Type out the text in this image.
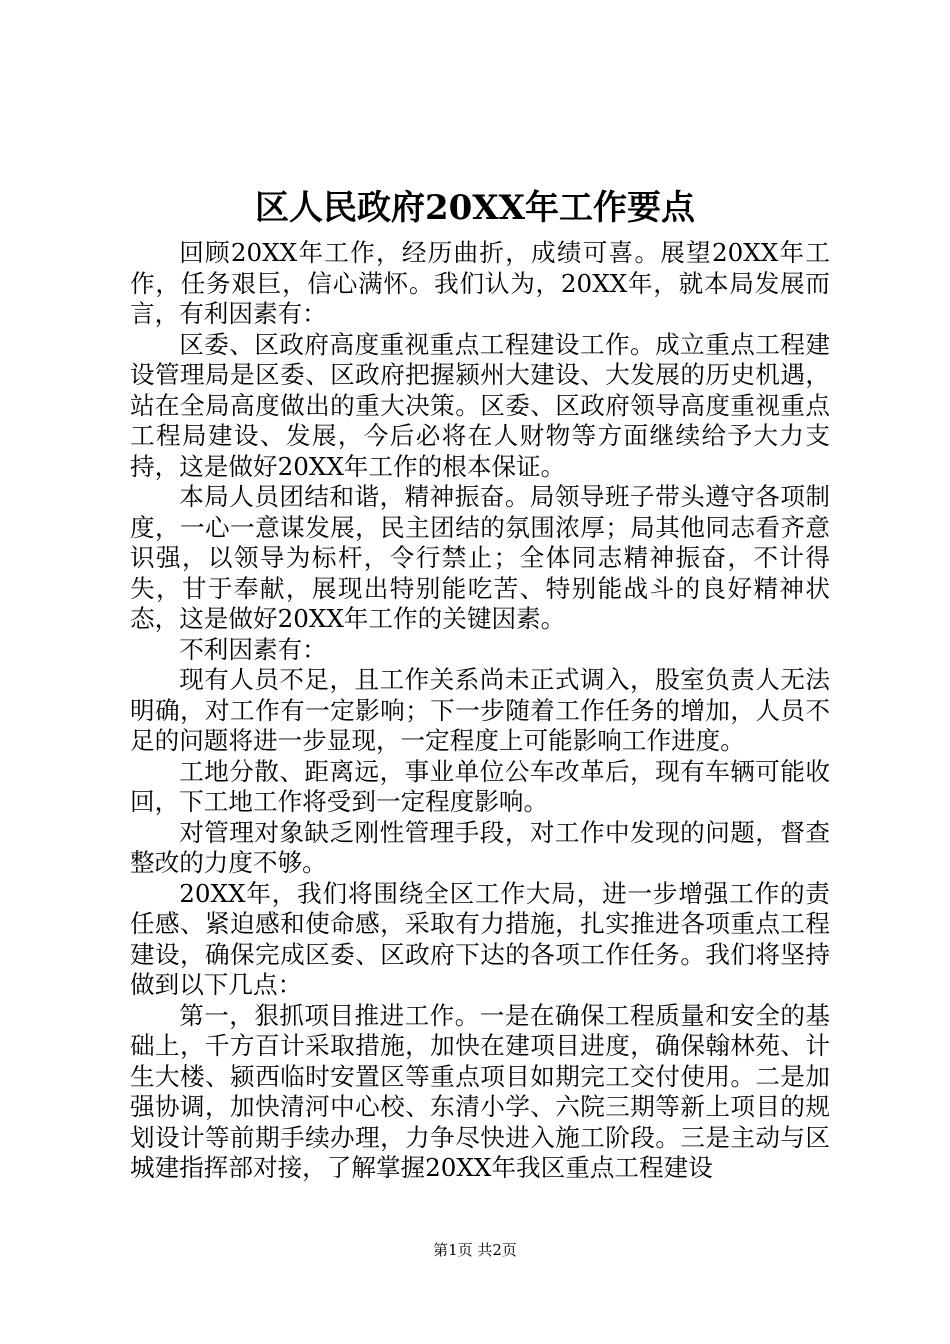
区人民政府20XX年工作要点

回顾20XX年工作，经历曲折，成绩可喜。展望20XX年工作，任务艰巨，信心满怀。我们认为，20XX年，就本局发展而言，有利因素有：

区委、区政府高度重视重点工程建设工作。成立重点工程建设管理局是区委、区政府把握颍州大建设、大发展的历史机遇，站在全局高度做出的重大决策。区委、区政府领导高度重视重点工程局建设、发展，今后必将在人财物等方面继续给予大力支持，这是做好20XX年工作的根本保证。

本局人员团结和谐，精神振奋。局领导班子带头遵守各项制度，一心一意谋发展，民主团结的氛围浓厚；局其他同志看齐意识强，以领导为标杆，令行禁止；全体同志精神振奋，不计得失，甘于奉献，展现出特别能吃苦、特别能战斗的良好精神状态，这是做好20XX年工作的关键因素。

不利因素有：

现有人员不足，且工作关系尚未正式调入，股室负责人无法明确，对工作有一定影响；下一步随着工作任务的增加，人员不足的问题将进一步显现，一定程度上可能影响工作进度。

工地分散、距离远，事业单位公车改革后，现有车辆可能收回，下工地工作将受到一定程度影响。

对管理对象缺乏刚性管理手段，对工作中发现的问题，督查整改的力度不够。

20XX年，我们将围绕全区工作大局，进一步增强工作的责任感、紧迫感和使命感，采取有力措施，扎实推进各项重点工程建设，确保完成区委、区政府下达的各项工作任务。我们将坚持做到以下几点：

第一，狠抓项目推进工作。一是在确保工程质量和安全的基础上，千方百计采取措施，加快在建项目进度，确保翰林苑、计生大楼、颍西临时安置区等重点项目如期完工交付使用。二是加强协调，加快清河中心校、东清小学、六院三期等新上项目的规划设计等前期手续办理，力争尽快进入施工阶段。三是主动与区城建指挥部对接，了解掌握20XX年我区重点工程建设

第1页 共2页
